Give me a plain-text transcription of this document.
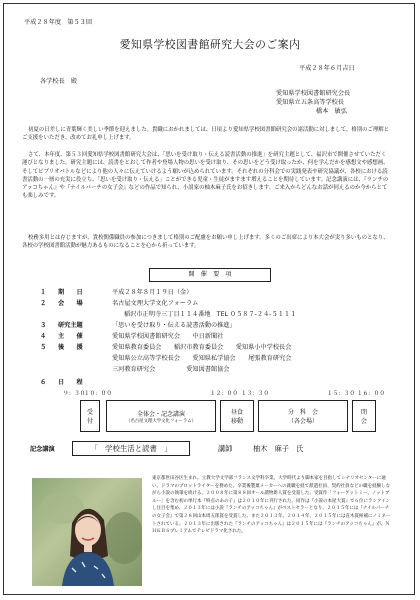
平成２８年度　第５３回
愛知県学校図書館研究大会のご案内
平成２８年６月吉日
各学校長　殿
愛知県学校図書館研究会長
愛知県立五条高等学校長
橋本　敏弘
初夏の日差しに青葉輝く美しい季節を迎えました。貴職におかれましては、日頃より愛知県学校図書館研究会の諸活動に対しまして、格別のご理解とご支援をいただき、改めてお礼申し上げます。
さて、本年度、第５３回愛知県学校図書館研究大会は、「思いを受け取り・伝える読書活動の推進」を研究主題として、福沢市で開催させていただく運びとなりました。研究主題には、読書をとおして作者や登場人物の思いを受け取り、その思いをどう受け取ったか、何を学んだかを感想文や感想画、そしてビブリオバトルなどにより他の人々に伝えていけるよう願いが込められています。それぞれの分科会での実践発表や研究協議が、各校における読書活動の一層の充実に役立ち、「思いを受け取り・伝える」ことができる児童・生徒がますます増えることを期待しています。記念講演には、『ランチのアッコちゃん』や『ナイルパーチの女子会』などの作品で知られ、小説家の柚木麻子氏をお招きします。ご来入からどんなお話が伺えるのか今からとても楽しみです。
校務多用とは存じますが、貴校関係職員の参加につきまして格別のご配慮をお願い申し上げます。多くのご出席により本大会が実り多いものとなり、各校の学校図書館活動が魅力あるものになることを心から祈っています。
開　催　要　項
１ 期　　日	平成２８年８月１９日（金）
２ 会　　場	名古屋文理大学文化フォーラム
稲沢市正明寺三丁目１１４番地　TEL ０５８７-２４-５１１１
３ 研究主題	「思いを受け取り・伝える読書活動の推進」
４ 主　　催	愛知県学校図書館研究会　　中日新聞社
５ 後　　援	愛知県教育委員会　　稲沢市教育委員会　　愛知県小中学校長会
愛知県公立高等学校長会　　愛知県私学協会　　尾張教育研究会
三河教育研究会　　　　　愛知図書館協会
６ 日　　程
９：３０
１０：００	１２：００ １３：３０	１５：３０ １６：００
受
付
全体会・記念講演
（名古屋文理大学文化フォーラム）
昼食
移動
分　科　会
（各会場）
閉
会
記念講演	「　学校生活と読書　」	講師	柚木　麻子　氏
東京都世田谷区生まれ。立教大学文学部フランス文学科卒業。大学時代より脚本家を目指してシナリオセンターに通い、ドラマのプロットライターを務めた。卒業後製菓メーカーへの就職を経て派遣社員、契約社員などの職を経験しながら小説の執筆を続ける。２００８年に第８８回オール讀物新人賞を受賞した。受賞作「フォーゲットミー、ノットブルー」を含む初の単行本『終点のあの子』は２０１０年に刊行された。同作は『小説の本屋大賞』で６位にランクインし注目を集め、２０１３年には小説『ランチのアッコちゃん』がベストセラーとなり、２０１５年には『ナイルパーチの女子会』で第２８回山本周五郎賞を受賞した。また２０１３年、２０１４年、２０１５年には直木賞候補にノミネートされている。２０１３年に出版された『ランチのアッコちゃん』は２０１５年には『ランチのアッコちゃん』が、ＮＨＫＢＳプレミアムでテレビドラマ化された。
